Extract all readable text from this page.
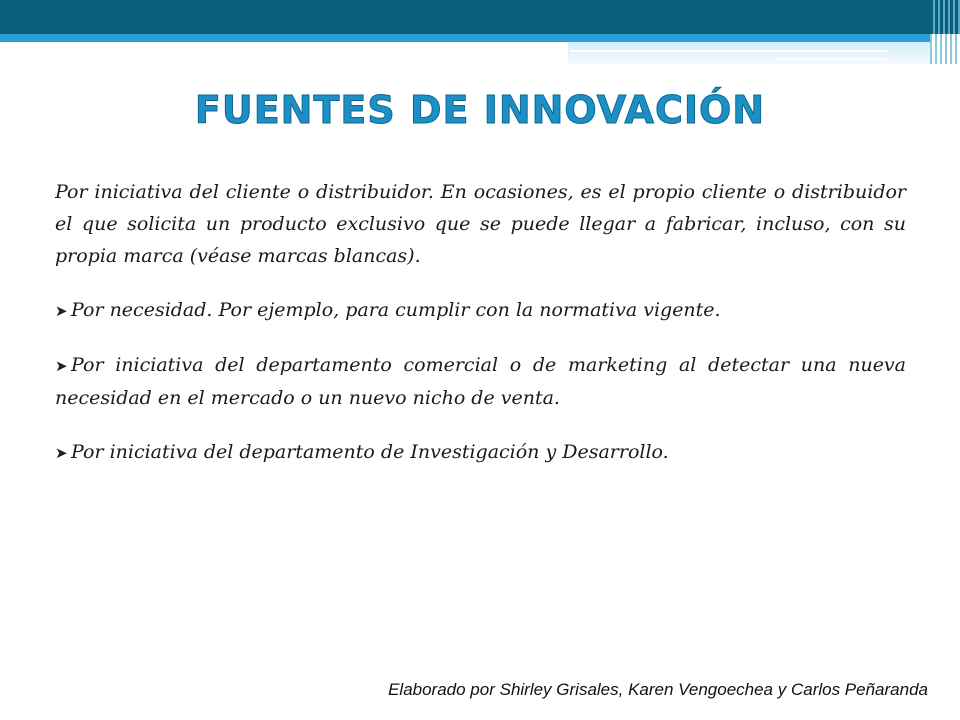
FUENTES DE INNOVACIÓN

Por iniciativa del cliente o distribuidor. En ocasiones, es el propio cliente o distribuidor el que solicita un producto exclusivo que se puede llegar a fabricar, incluso, con su propia marca (véase marcas blancas).

➤ Por necesidad. Por ejemplo, para cumplir con la normativa vigente.

➤ Por iniciativa del departamento comercial o de marketing al detectar una nueva necesidad en el mercado o un nuevo nicho de venta.

➤ Por iniciativa del departamento de Investigación y Desarrollo.

Elaborado por Shirley Grisales, Karen Vengoechea y Carlos Peñaranda
